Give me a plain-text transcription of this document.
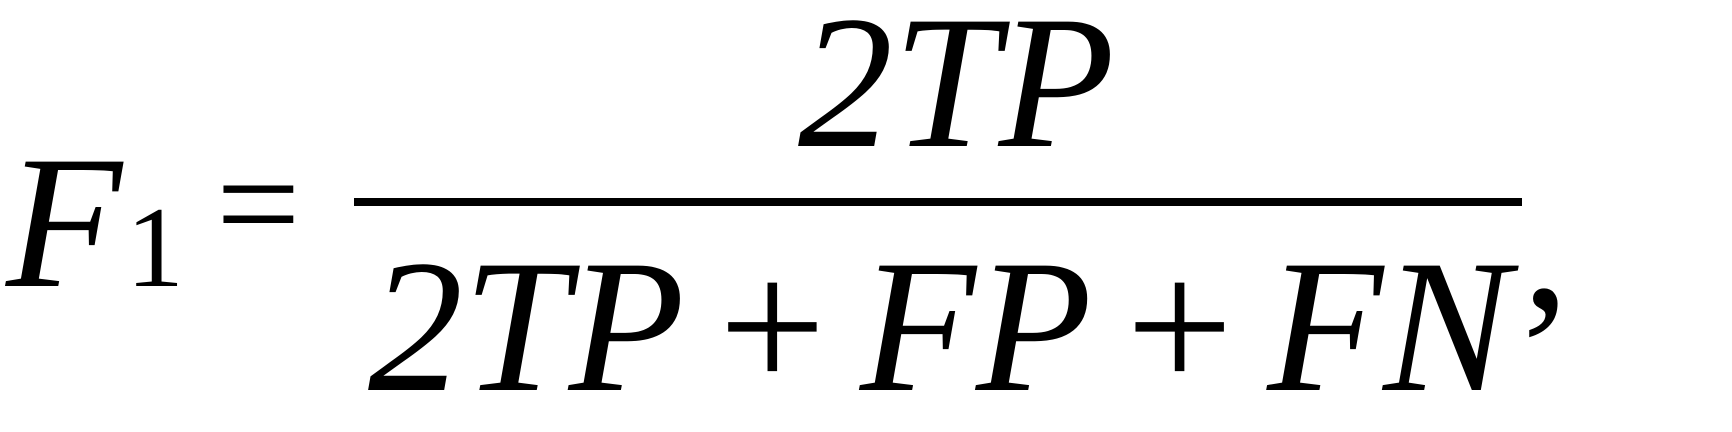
F 1 =
2TP
2TP + FP + FN ,
